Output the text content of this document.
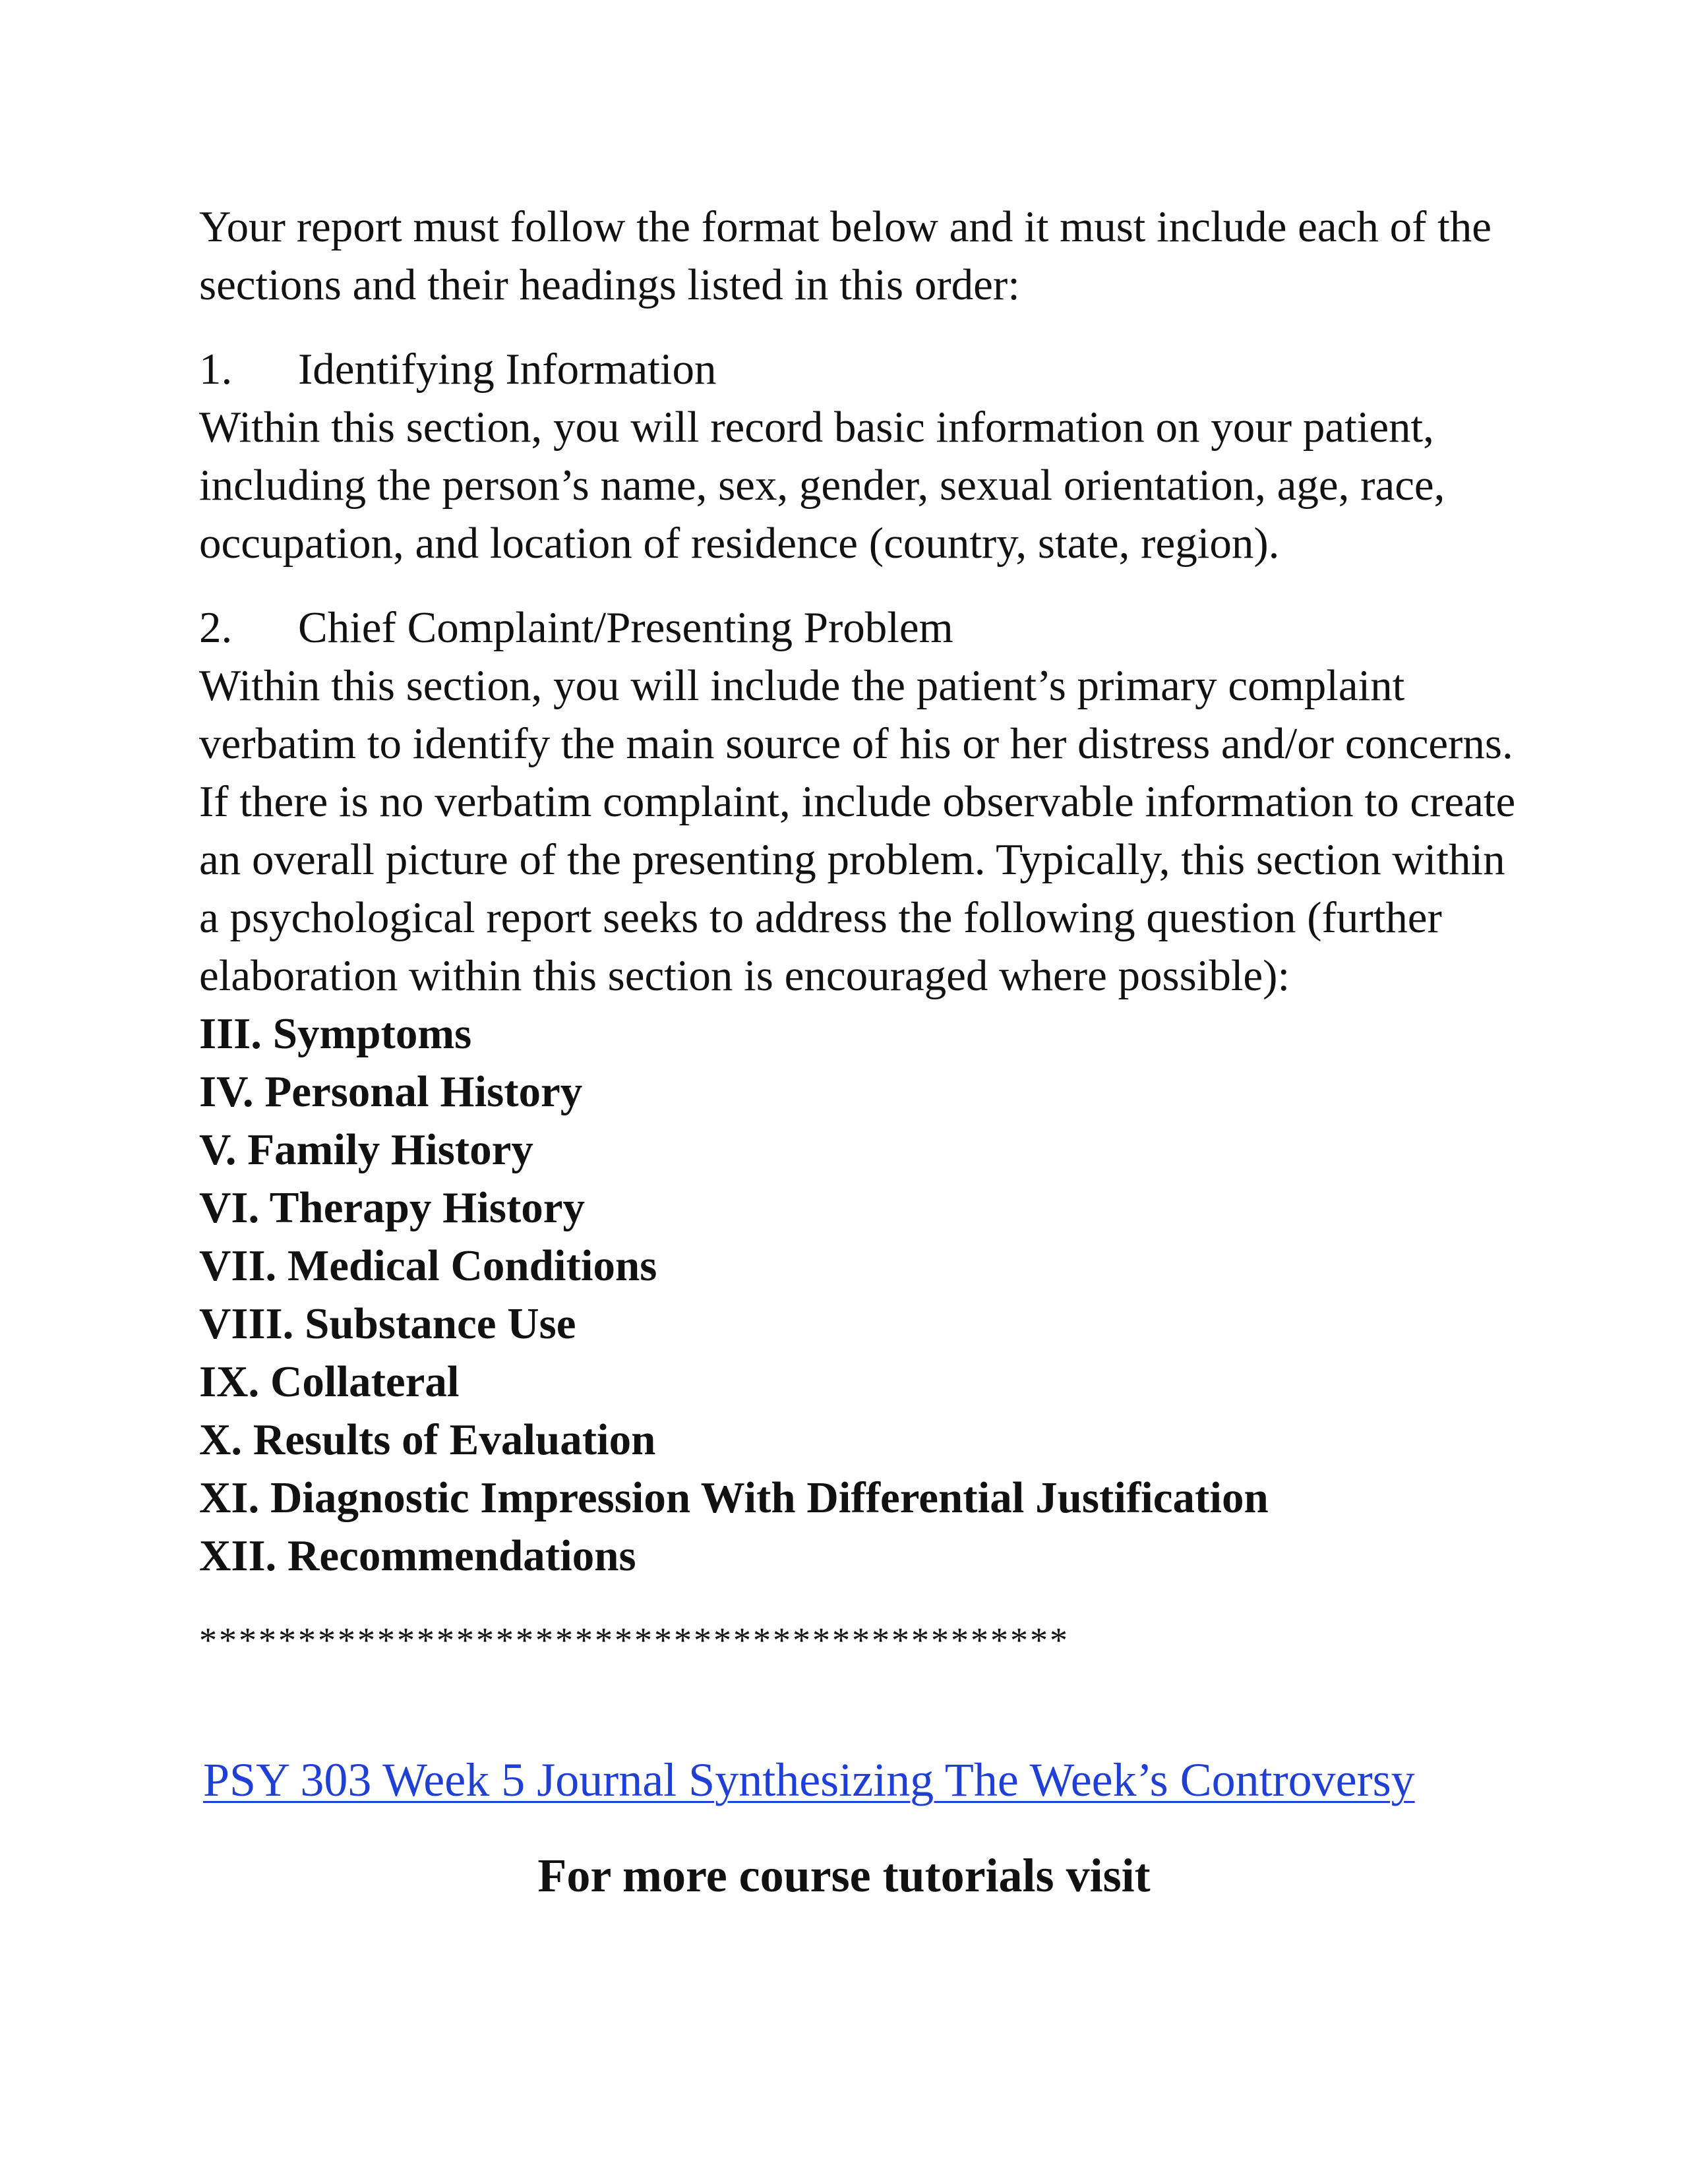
Your report must follow the format below and it must include each of the sections and their headings listed in this order:

1. Identifying Information

Within this section, you will record basic information on your patient, including the person’s name, sex, gender, sexual orientation, age, race, occupation, and location of residence (country, state, region).

2. Chief Complaint/Presenting Problem

Within this section, you will include the patient’s primary complaint verbatim to identify the main source of his or her distress and/or concerns. If there is no verbatim complaint, include observable information to create an overall picture of the presenting problem. Typically, this section within a psychological report seeks to address the following question (further elaboration within this section is encouraged where possible):

III. Symptoms
IV. Personal History
V. Family History
VI. Therapy History
VII. Medical Conditions
VIII. Substance Use
IX. Collateral
X. Results of Evaluation
XI. Diagnostic Impression With Differential Justification
XII. Recommendations
********************************************
PSY 303 Week 5 Journal Synthesizing The Week’s Controversy
For more course tutorials visit
